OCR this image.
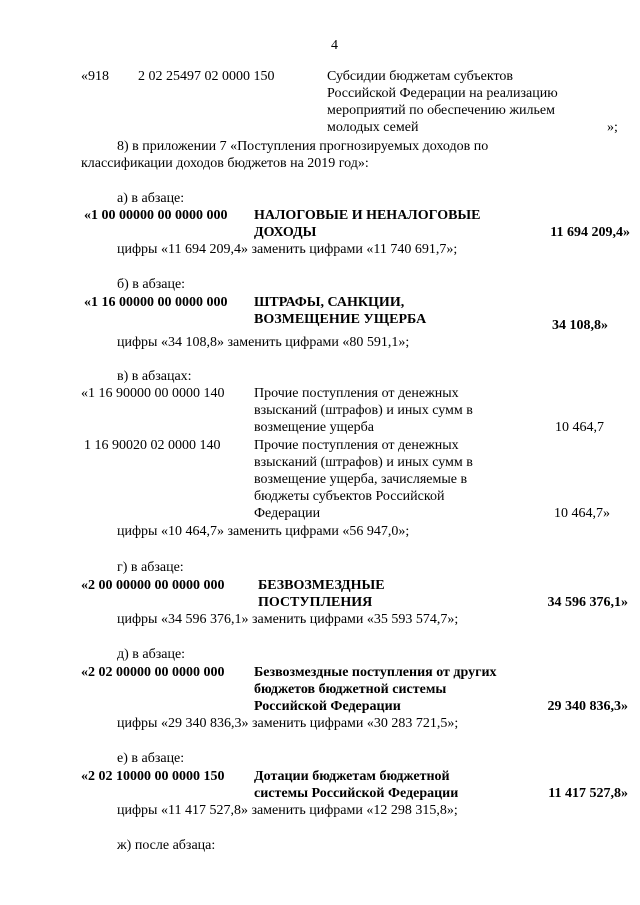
4
«918 2 02 25497 02 0000 150	Субсидии бюджетам субъектов
Российской Федерации на реализацию
мероприятий по обеспечению жильем
молодых семей	»;
8) в приложении 7 «Поступления прогнозируемых доходов по
классификации доходов бюджетов на 2019 год»:
а) в абзаце:
«1 00 00000 00 0000 000 НАЛОГОВЫЕ И НЕНАЛОГОВЫЕ
ДОХОДЫ	11 694 209,4»
цифры «11 694 209,4» заменить цифрами «11 740 691,7»;
б) в абзаце:
«1 16 00000 00 0000 000 ШТРАФЫ, САНКЦИИ,
ВОЗМЕЩЕНИЕ УЩЕРБА	34 108,8»
цифры «34 108,8» заменить цифрами «80 591,1»;
в) в абзацах:
«1 16 90000 00 0000 140 Прочие поступления от денежных
взысканий (штрафов) и иных сумм в
возмещение ущерба	10 464,7
1 16 90020 02 0000 140 Прочие поступления от денежных
взысканий (штрафов) и иных сумм в
возмещение ущерба, зачисляемые в
бюджеты субъектов Российской
Федерации	10 464,7»
цифры «10 464,7» заменить цифрами «56 947,0»;
г) в абзаце:
«2 00 00000 00 0000 000 БЕЗВОЗМЕЗДНЫЕ
ПОСТУПЛЕНИЯ	34 596 376,1»
цифры «34 596 376,1» заменить цифрами «35 593 574,7»;
д) в абзаце:
«2 02 00000 00 0000 000 Безвозмездные поступления от других
бюджетов бюджетной системы
Российской Федерации	29 340 836,3»
цифры «29 340 836,3» заменить цифрами «30 283 721,5»;
е) в абзаце:
«2 02 10000 00 0000 150 Дотации бюджетам бюджетной
системы Российской Федерации	11 417 527,8»
цифры «11 417 527,8» заменить цифрами «12 298 315,8»;
ж) после абзаца:
